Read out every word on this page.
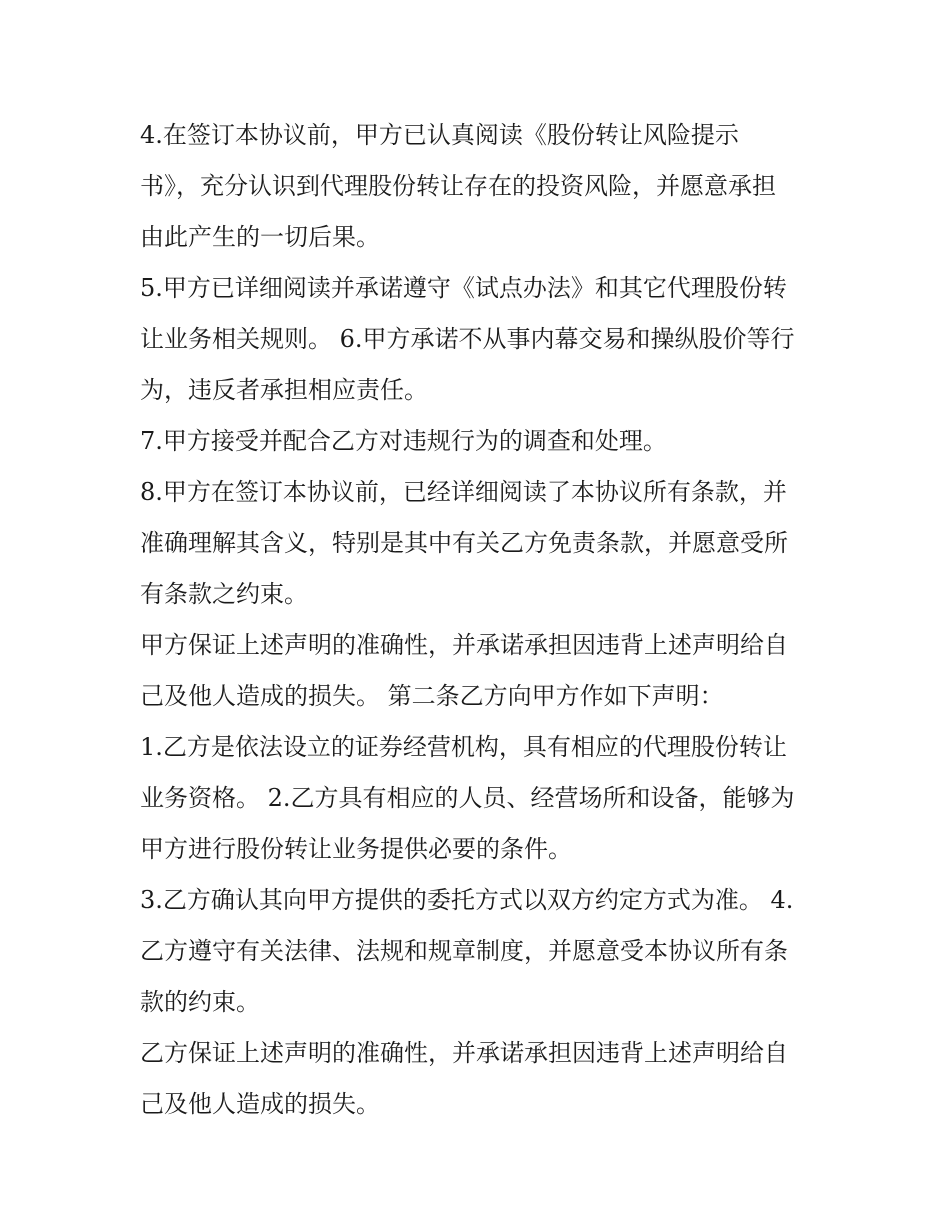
4.在签订本协议前，甲方已认真阅读《股份转让风险提示
书》，充分认识到代理股份转让存在的投资风险，并愿意承担
由此产生的一切后果。
5.甲方已详细阅读并承诺遵守《试点办法》和其它代理股份转
让业务相关规则。 6.甲方承诺不从事内幕交易和操纵股价等行
为，违反者承担相应责任。
7.甲方接受并配合乙方对违规行为的调查和处理。
8.甲方在签订本协议前，已经详细阅读了本协议所有条款，并
准确理解其含义，特别是其中有关乙方免责条款，并愿意受所
有条款之约束。
甲方保证上述声明的准确性，并承诺承担因违背上述声明给自
己及他人造成的损失。 第二条乙方向甲方作如下声明：
1.乙方是依法设立的证券经营机构，具有相应的代理股份转让
业务资格。 2.乙方具有相应的人员、经营场所和设备，能够为
甲方进行股份转让业务提供必要的条件。
3.乙方确认其向甲方提供的委托方式以双方约定方式为准。 4.
乙方遵守有关法律、法规和规章制度，并愿意受本协议所有条
款的约束。
乙方保证上述声明的准确性，并承诺承担因违背上述声明给自
己及他人造成的损失。
